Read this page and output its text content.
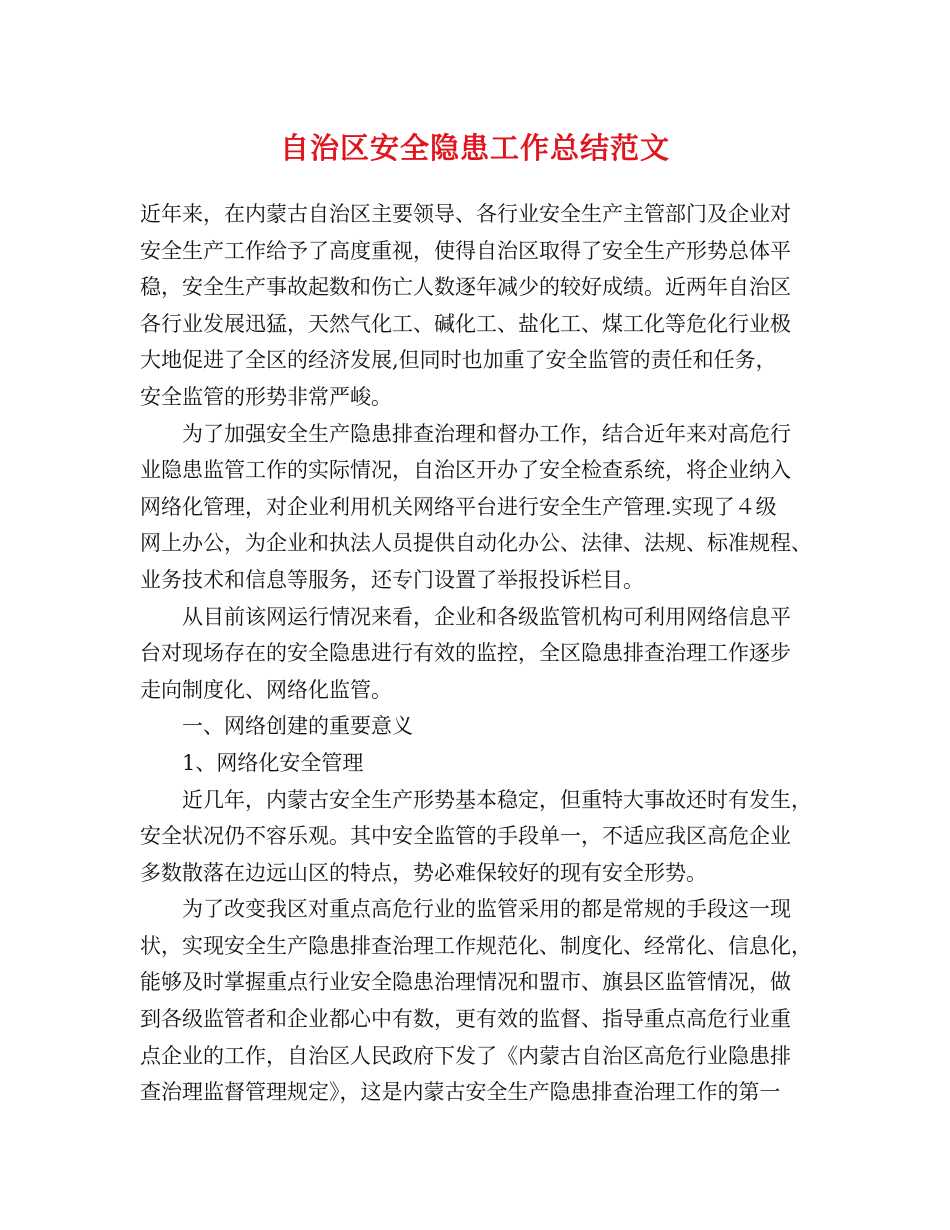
自治区安全隐患工作总结范文
近年来，在内蒙古自治区主要领导、各行业安全生产主管部门及企业对
安全生产工作给予了高度重视，使得自治区取得了安全生产形势总体平
稳，安全生产事故起数和伤亡人数逐年减少的较好成绩。近两年自治区
各行业发展迅猛，天然气化工、碱化工、盐化工、煤工化等危化行业极
大地促进了全区的经济发展,但同时也加重了安全监管的责任和任务，
安全监管的形势非常严峻。
为了加强安全生产隐患排查治理和督办工作，结合近年来对高危行
业隐患监管工作的实际情况，自治区开办了安全检查系统，将企业纳入
网络化管理，对企业利用机关网络平台进行安全生产管理.实现了４级
网上办公，为企业和执法人员提供自动化办公、法律、法规、标准规程、
业务技术和信息等服务，还专门设置了举报投诉栏目。
从目前该网运行情况来看，企业和各级监管机构可利用网络信息平
台对现场存在的安全隐患进行有效的监控，全区隐患排查治理工作逐步
走向制度化、网络化监管。
一、网络创建的重要意义
1、网络化安全管理
近几年，内蒙古安全生产形势基本稳定，但重特大事故还时有发生，
安全状况仍不容乐观。其中安全监管的手段单一，不适应我区高危企业
多数散落在边远山区的特点，势必难保较好的现有安全形势。
为了改变我区对重点高危行业的监管采用的都是常规的手段这一现
状，实现安全生产隐患排查治理工作规范化、制度化、经常化、信息化，
能够及时掌握重点行业安全隐患治理情况和盟市、旗县区监管情况，做
到各级监管者和企业都心中有数，更有效的监督、指导重点高危行业重
点企业的工作，自治区人民政府下发了《内蒙古自治区高危行业隐患排
查治理监督管理规定》，这是内蒙古安全生产隐患排查治理工作的第一
